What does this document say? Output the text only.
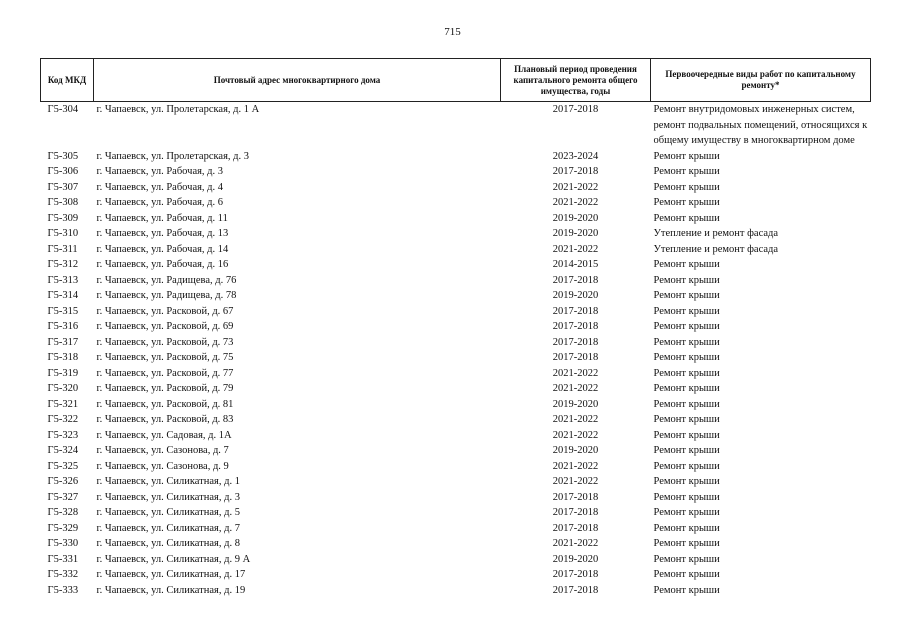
715
Код МКД	Почтовый адрес многоквартирного дома	Плановый период проведения капитального ремонта общего имущества, годы	Первоочередные виды работ по капитальному ремонту*
Г5-304	г. Чапаевск, ул. Пролетарская, д. 1 А	2017-2018	Ремонт внутридомовых инженерных систем, ремонт подвальных помещений, относящихся к общему имуществу в многоквартирном доме
Г5-305	г. Чапаевск, ул. Пролетарская, д. 3	2023-2024	Ремонт крыши
Г5-306	г. Чапаевск, ул. Рабочая, д. 3	2017-2018	Ремонт крыши
Г5-307	г. Чапаевск, ул. Рабочая, д. 4	2021-2022	Ремонт крыши
Г5-308	г. Чапаевск, ул. Рабочая, д. 6	2021-2022	Ремонт крыши
Г5-309	г. Чапаевск, ул. Рабочая, д. 11	2019-2020	Ремонт крыши
Г5-310	г. Чапаевск, ул. Рабочая, д. 13	2019-2020	Утепление и ремонт фасада
Г5-311	г. Чапаевск, ул. Рабочая, д. 14	2021-2022	Утепление и ремонт фасада
Г5-312	г. Чапаевск, ул. Рабочая, д. 16	2014-2015	Ремонт крыши
Г5-313	г. Чапаевск, ул. Радищева, д. 76	2017-2018	Ремонт крыши
Г5-314	г. Чапаевск, ул. Радищева, д. 78	2019-2020	Ремонт крыши
Г5-315	г. Чапаевск, ул. Расковой, д. 67	2017-2018	Ремонт крыши
Г5-316	г. Чапаевск, ул. Расковой, д. 69	2017-2018	Ремонт крыши
Г5-317	г. Чапаевск, ул. Расковой, д. 73	2017-2018	Ремонт крыши
Г5-318	г. Чапаевск, ул. Расковой, д. 75	2017-2018	Ремонт крыши
Г5-319	г. Чапаевск, ул. Расковой, д. 77	2021-2022	Ремонт крыши
Г5-320	г. Чапаевск, ул. Расковой, д. 79	2021-2022	Ремонт крыши
Г5-321	г. Чапаевск, ул. Расковой, д. 81	2019-2020	Ремонт крыши
Г5-322	г. Чапаевск, ул. Расковой, д. 83	2021-2022	Ремонт крыши
Г5-323	г. Чапаевск, ул. Садовая, д. 1А	2021-2022	Ремонт крыши
Г5-324	г. Чапаевск, ул. Сазонова, д. 7	2019-2020	Ремонт крыши
Г5-325	г. Чапаевск, ул. Сазонова, д. 9	2021-2022	Ремонт крыши
Г5-326	г. Чапаевск, ул. Силикатная, д. 1	2021-2022	Ремонт крыши
Г5-327	г. Чапаевск, ул. Силикатная, д. 3	2017-2018	Ремонт крыши
Г5-328	г. Чапаевск, ул. Силикатная, д. 5	2017-2018	Ремонт крыши
Г5-329	г. Чапаевск, ул. Силикатная, д. 7	2017-2018	Ремонт крыши
Г5-330	г. Чапаевск, ул. Силикатная, д. 8	2021-2022	Ремонт крыши
Г5-331	г. Чапаевск, ул. Силикатная, д. 9 А	2019-2020	Ремонт крыши
Г5-332	г. Чапаевск, ул. Силикатная, д. 17	2017-2018	Ремонт крыши
Г5-333	г. Чапаевск, ул. Силикатная, д. 19	2017-2018	Ремонт крыши
